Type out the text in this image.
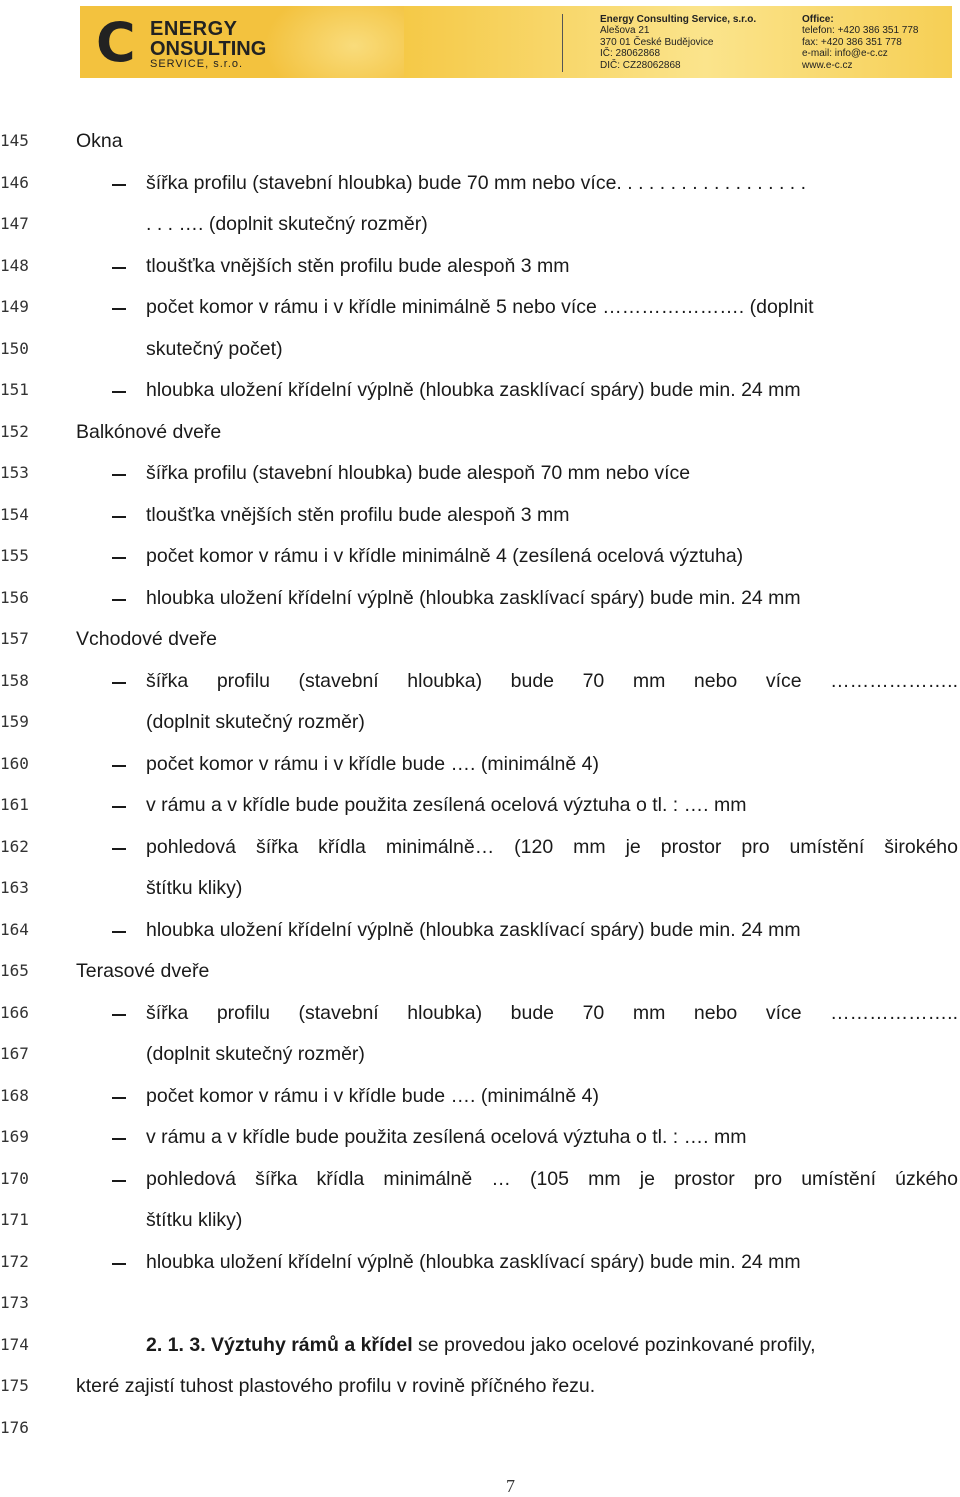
C ENERGY
ONSULTING
SERVICE, s.r.o.
Energy Consulting Service, s.r.o.
Alešova 21
370 01 České Budějovice
IČ: 28062868
DIČ: CZ28062868
Office:
telefon: +420 386 351 778
fax: +420 386 351 778
e-mail: info@e-c.cz
www.e-c.cz
145
146
147
148
149
150
151
152
153
154
155
156
157
158
159
160
161
162
163
164
165
166
167
168
169
170
171
172
173
174
175
176
Okna
šířka profilu (stavební hloubka) bude 70 mm nebo více. . . . . . . . . . . . . . . . . .
. . . …. (doplnit skutečný rozměr)
tloušťka vnějších stěn profilu bude alespoň 3 mm
počet komor v rámu i v křídle minimálně 5 nebo více …………………. (doplnit
skutečný počet)
hloubka uložení křídelní výplně (hloubka zasklívací spáry) bude min. 24 mm
Balkónové dveře
šířka profilu (stavební hloubka) bude alespoň 70 mm nebo více
tloušťka vnějších stěn profilu bude alespoň 3 mm
počet komor v rámu i v křídle minimálně 4 (zesílená ocelová výztuha)
hloubka uložení křídelní výplně (hloubka zasklívací spáry) bude min. 24 mm
Vchodové dveře
šířka profilu (stavební hloubka) bude 70 mm nebo více ………………..
(doplnit skutečný rozměr)
počet komor v rámu i v křídle bude …. (minimálně 4)
v rámu a v křídle bude použita zesílená ocelová výztuha o tl. : …. mm
pohledová šířka křídla minimálně… (120 mm je prostor pro umístění širokého
štítku kliky)
hloubka uložení křídelní výplně (hloubka zasklívací spáry) bude min. 24 mm
Terasové dveře
šířka profilu (stavební hloubka) bude 70 mm nebo více ………………..
(doplnit skutečný rozměr)
počet komor v rámu i v křídle bude …. (minimálně 4)
v rámu a v křídle bude použita zesílená ocelová výztuha o tl. : …. mm
pohledová šířka křídla minimálně … (105 mm je prostor pro umístění úzkého
štítku kliky)
hloubka uložení křídelní výplně (hloubka zasklívací spáry) bude min. 24 mm
2. 1. 3. Výztuhy rámů a křídel se provedou jako ocelové pozinkované profily,
které zajistí tuhost plastového profilu v rovině příčného řezu.
7
